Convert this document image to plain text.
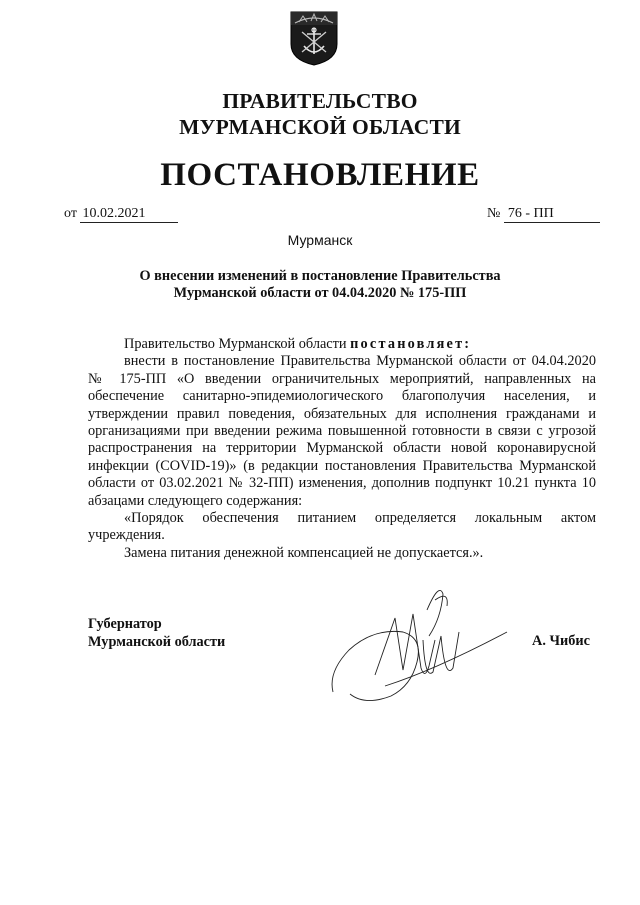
ПРАВИТЕЛЬСТВО
МУРМАНСКОЙ ОБЛАСТИ
ПОСТАНОВЛЕНИЕ
от 10.02.2021	№ 76 - ПП
Мурманск
О внесении изменений в постановление Правительства
Мурманской области от 04.04.2020 № 175-ПП

Правительство Мурманской области постановляет:

внести в постановление Правительства Мурманской области от 04.04.2020 № 175-ПП «О введении ограничительных мероприятий, направленных на обеспечение санитарно-эпидемиологического благополучия населения, и утверждении правил поведения, обязательных для исполнения гражданами и организациями при введении режима повышенной готовности в связи с угрозой распространения на территории Мурманской области новой коронавирусной инфекции (COVID-19)» (в редакции постановления Правительства Мурманской области от 03.02.2021 № 32-ПП) изменения, дополнив подпункт 10.21 пункта 10 абзацами следующего содержания:

«Порядок обеспечения питанием определяется локальным актом учреждения.

Замена питания денежной компенсацией не допускается.».

Губернатор
Мурманской области	А. Чибис
